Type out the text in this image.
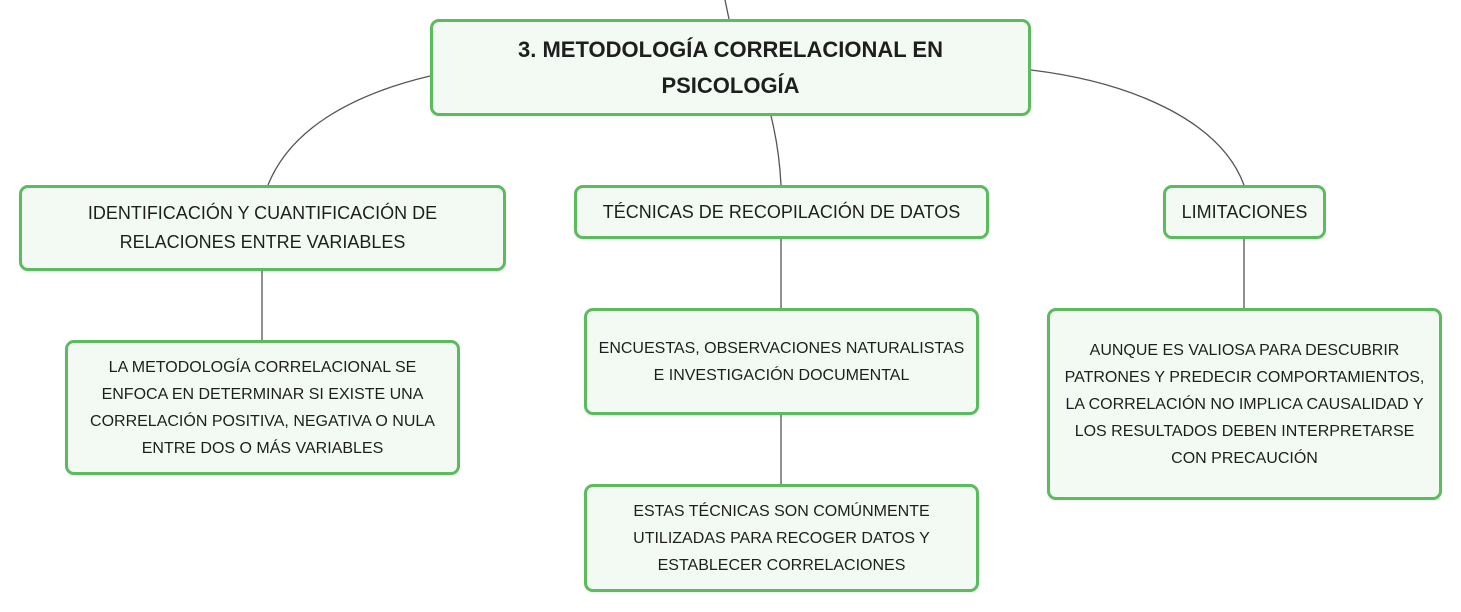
3. METODOLOGÍA CORRELACIONAL EN PSICOLOGÍA
IDENTIFICACIÓN Y CUANTIFICACIÓN DE RELACIONES ENTRE VARIABLES
TÉCNICAS DE RECOPILACIÓN DE DATOS	LIMITACIONES
LA METODOLOGÍA CORRELACIONAL SE ENFOCA EN DETERMINAR SI EXISTE UNA CORRELACIÓN POSITIVA, NEGATIVA O NULA ENTRE DOS O MÁS VARIABLES
ENCUESTAS, OBSERVACIONES NATURALISTAS E INVESTIGACIÓN DOCUMENTAL
ESTAS TÉCNICAS SON COMÚNMENTE UTILIZADAS PARA RECOGER DATOS Y ESTABLECER CORRELACIONES
AUNQUE ES VALIOSA PARA DESCUBRIR PATRONES Y PREDECIR COMPORTAMIENTOS, LA CORRELACIÓN NO IMPLICA CAUSALIDAD Y LOS RESULTADOS DEBEN INTERPRETARSE CON PRECAUCIÓN
